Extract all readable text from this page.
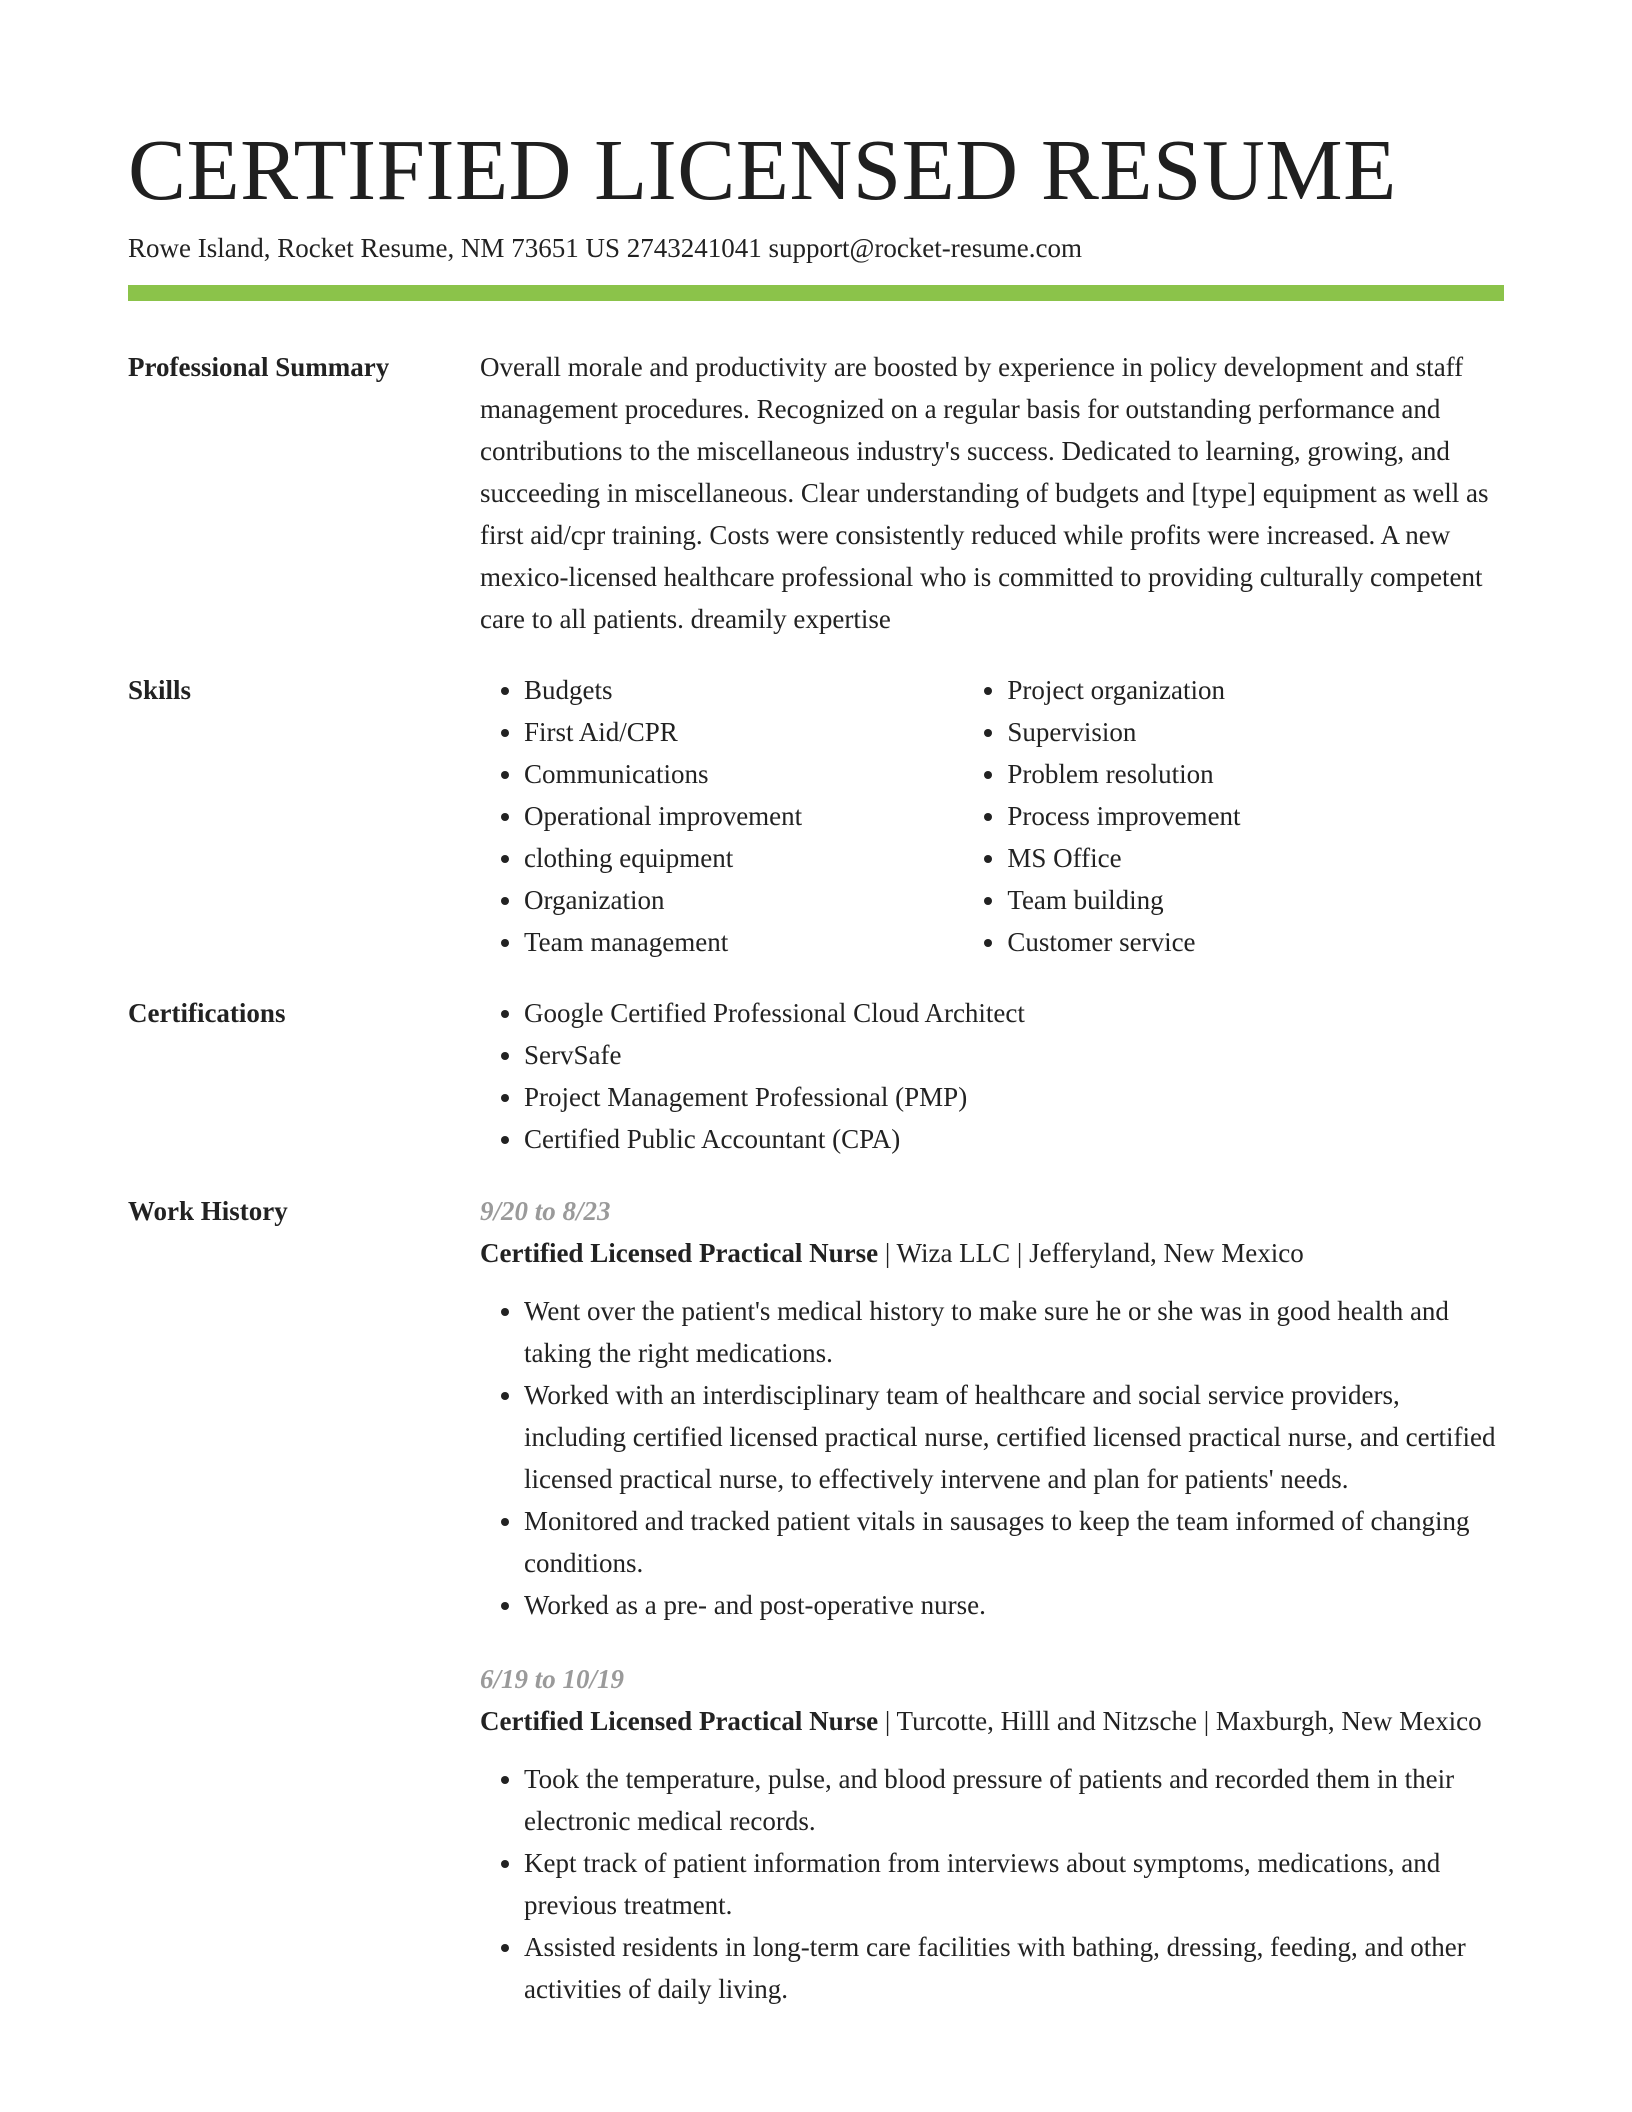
CERTIFIED LICENSED RESUME
Rowe Island, Rocket Resume, NM 73651 US 2743241041 support@rocket-resume.com
Professional Summary	Overall morale and productivity are boosted by experience in policy development and staff management procedures. Recognized on a regular basis for outstanding performance and contributions to the miscellaneous industry's success. Dedicated to learning, growing, and succeeding in miscellaneous. Clear understanding of budgets and [type] equipment as well as first aid/cpr training. Costs were consistently reduced while profits were increased. A new mexico-licensed healthcare professional who is committed to providing culturally competent care to all patients. dreamily expertise

Skills	• Budgets
• First Aid/CPR
• Communications
• Operational improvement
• clothing equipment
• Organization
• Team management
• Project organization
• Supervision
• Problem resolution
• Process improvement
• MS Office
• Team building
• Customer service
Certifications	• Google Certified Professional Cloud Architect
• ServSafe
• Project Management Professional (PMP)
• Certified Public Accountant (CPA)
Work History	9/20 to 8/23
Certified Licensed Practical Nurse | Wiza LLC | Jefferyland, New Mexico
• Went over the patient's medical history to make sure he or she was in good health and taking the right medications.
• Worked with an interdisciplinary team of healthcare and social service providers, including certified licensed practical nurse, certified licensed practical nurse, and certified licensed practical nurse, to effectively intervene and plan for patients' needs.
• Monitored and tracked patient vitals in sausages to keep the team informed of changing conditions.
• Worked as a pre- and post-operative nurse.
6/19 to 10/19
Certified Licensed Practical Nurse | Turcotte, Hilll and Nitzsche | Maxburgh, New Mexico
• Took the temperature, pulse, and blood pressure of patients and recorded them in their electronic medical records.
• Kept track of patient information from interviews about symptoms, medications, and previous treatment.
• Assisted residents in long-term care facilities with bathing, dressing, feeding, and other activities of daily living.
